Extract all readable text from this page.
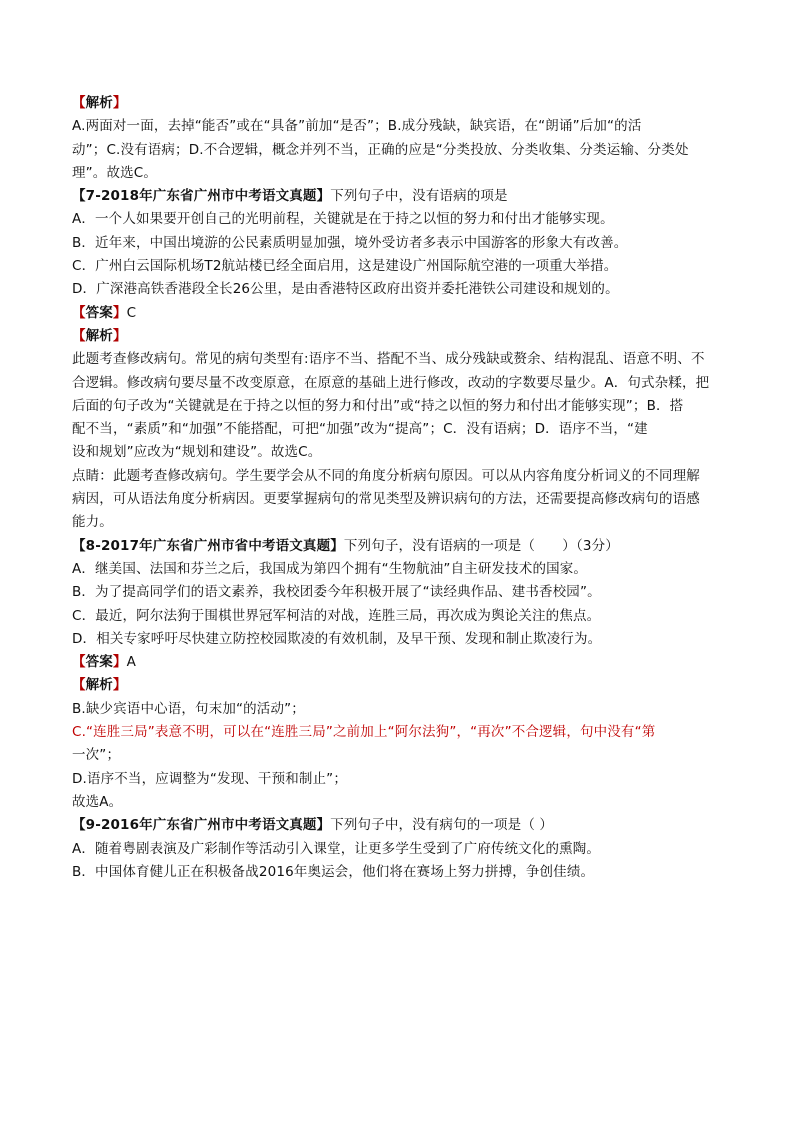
【解析】
A.两面对一面，去掉“能否”或在“具备”前加“是否”；B.成分残缺，缺宾语，在“朗诵”后加“的活
动”；C.没有语病；D.不合逻辑，概念并列不当，正确的应是“分类投放、分类收集、分类运输、分类处
理”。故选C。
【7-2018年广东省广州市中考语文真题】下列句子中，没有语病的项是
A．一个人如果要开创自己的光明前程，关键就是在于持之以恒的努力和付出才能够实现。
B．近年来，中国出境游的公民素质明显加强，境外受访者多表示中国游客的形象大有改善。
C．广州白云国际机场T2航站楼已经全面启用，这是建设广州国际航空港的一项重大举措。
D．广深港高铁香港段全长26公里，是由香港特区政府出资并委托港铁公司建设和规划的。
【答案】C
【解析】
此题考查修改病句。常见的病句类型有:语序不当、搭配不当、成分残缺或赘余、结构混乱、语意不明、不
合逻辑。修改病句要尽量不改变原意，在原意的基础上进行修改，改动的字数要尽量少。A．句式杂糅，把
后面的句子改为“关键就是在于持之以恒的努力和付出”或“持之以恒的努力和付出才能够实现”；B．搭
配不当，“素质”和“加强”不能搭配，可把“加强”改为“提高”；C．没有语病；D．语序不当，“建
设和规划”应改为“规划和建设”。故选C。
点睛：此题考查修改病句。学生要学会从不同的角度分析病句原因。可以从内容角度分析词义的不同理解
病因，可从语法角度分析病因。更要掌握病句的常见类型及辨识病句的方法，还需要提高修改病句的语感
能力。
【8-2017年广东省广州市省中考语文真题】下列句子，没有语病的一项是（　　）（3分）
A．继美国、法国和芬兰之后，我国成为第四个拥有“生物航油”自主研发技术的国家。
B．为了提高同学们的语文素养，我校团委今年积极开展了“读经典作品、建书香校园”。
C．最近，阿尔法狗于围棋世界冠军柯洁的对战，连胜三局，再次成为舆论关注的焦点。
D．相关专家呼吁尽快建立防控校园欺凌的有效机制，及早干预、发现和制止欺凌行为。
【答案】A
【解析】
B.缺少宾语中心语，句末加“的活动”；
C.“连胜三局”表意不明，可以在“连胜三局”之前加上“阿尔法狗”，“再次”不合逻辑，句中没有“第
一次”；
D.语序不当，应调整为“发现、干预和制止”；
故选A。
【9-2016年广东省广州市中考语文真题】下列句子中，没有病句的一项是（ ）
A．随着粤剧表演及广彩制作等活动引入课堂，让更多学生受到了广府传统文化的熏陶。
B．中国体育健儿正在积极备战2016年奥运会，他们将在赛场上努力拼搏，争创佳绩。
